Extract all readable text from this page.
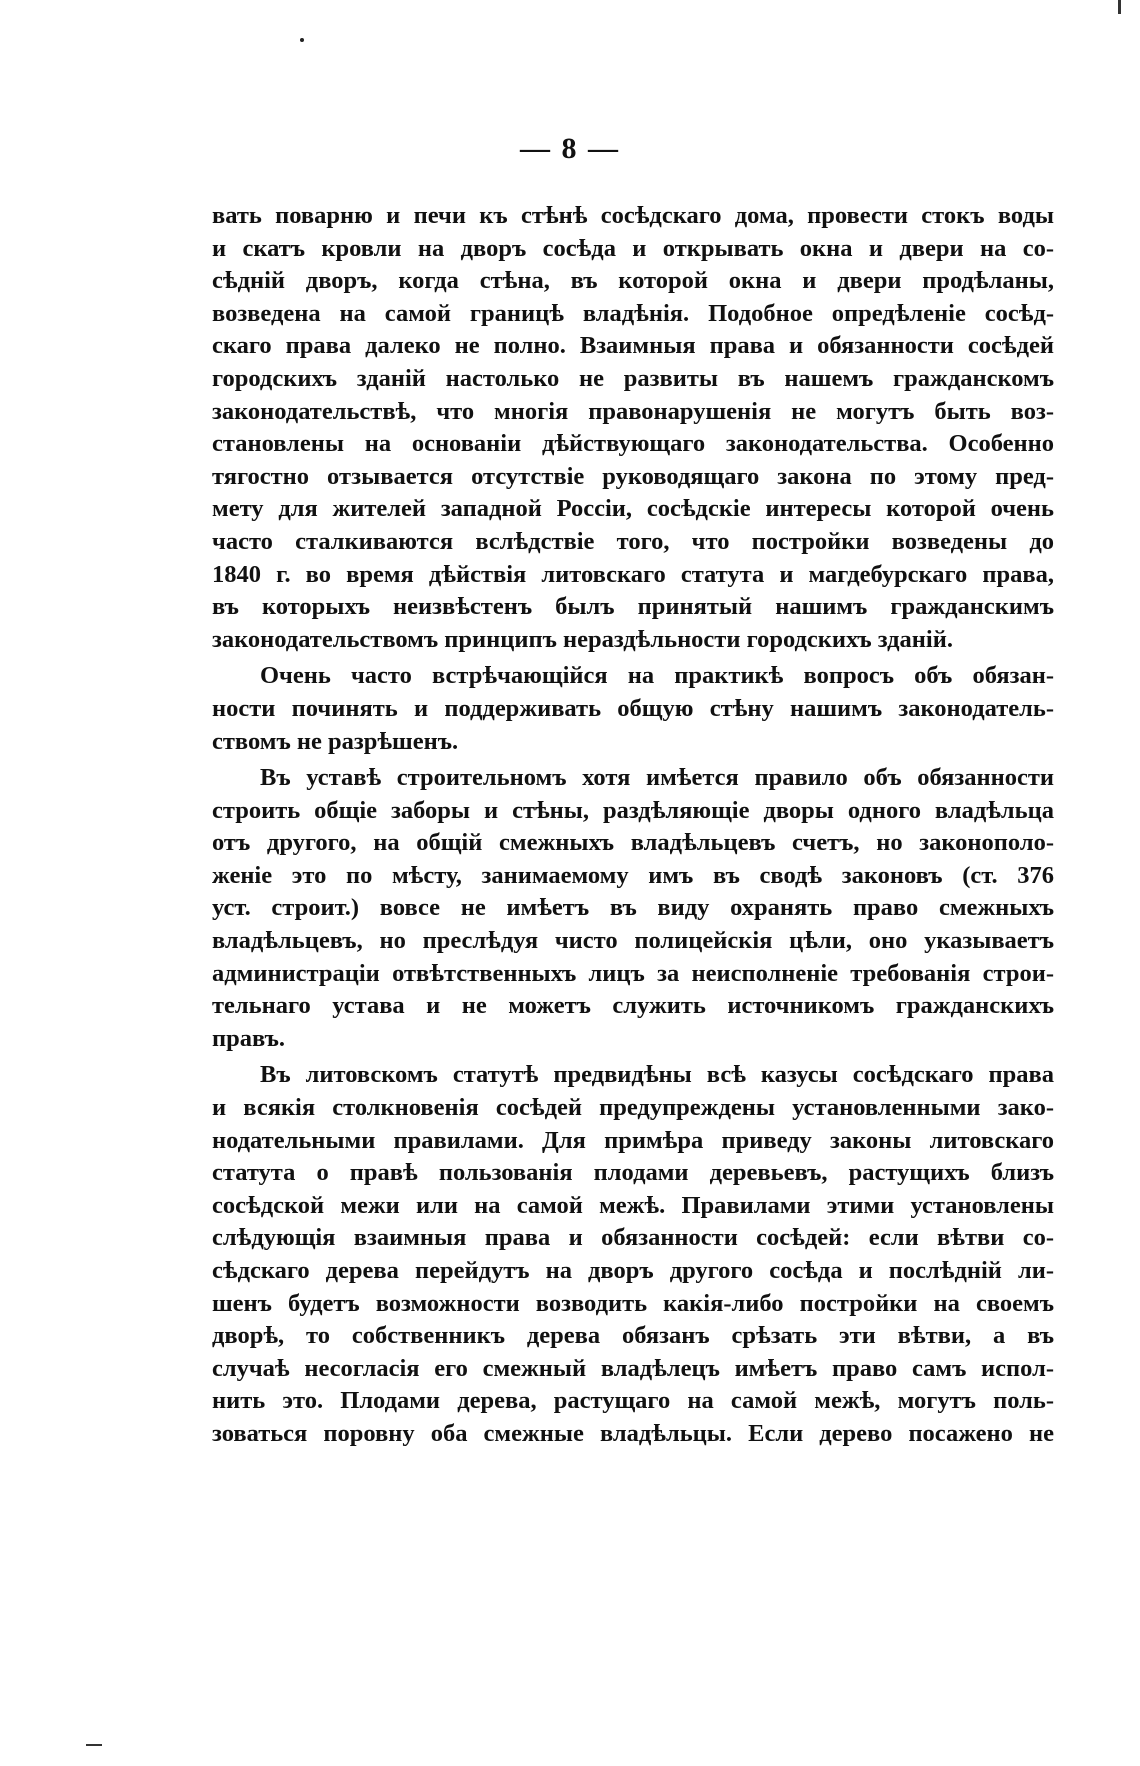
— 8 —

вать поварню и печи къ стѣнѣ сосѣдскаго дома, провести стокъ воды
и скатъ кровли на дворъ сосѣда и открывать окна и двери на со-
сѣдній дворъ, когда стѣна, въ которой окна и двери продѣланы,
возведена на самой границѣ владѣнія. Подобное опредѣленіе сосѣд-
скаго права далеко не полно. Взаимныя права и обязанности сосѣдей
городскихъ зданій настолько не развиты въ нашемъ гражданскомъ
законодательствѣ, что многія правонарушенія не могутъ быть воз-
становлены на основаніи дѣйствующаго законодательства. Особенно
тягостно отзывается отсутствіе руководящаго закона по этому пред-
мету для жителей западной Россіи, сосѣдскіе интересы которой очень
часто сталкиваются вслѣдствіе того, что постройки возведены до
1840 г. во время дѣйствія литовскаго статута и магдебурскаго права,
въ которыхъ неизвѣстенъ былъ принятый нашимъ гражданскимъ
законодательствомъ принципъ нераздѣльности городскихъ зданій.

Очень часто встрѣчающійся на практикѣ вопросъ объ обязан-
ности починять и поддерживать общую стѣну нашимъ законодатель-
ствомъ не разрѣшенъ.

Въ уставѣ строительномъ хотя имѣется правило объ обязанности
строить общіе заборы и стѣны, раздѣляющіе дворы одного владѣльца
отъ другого, на общій смежныхъ владѣльцевъ счетъ, но законополо-
женіе это по мѣсту, занимаемому имъ въ сводѣ законовъ (ст. 376
уст. строит.) вовсе не имѣетъ въ виду охранять право смежныхъ
владѣльцевъ, но преслѣдуя чисто полицейскія цѣли, оно указываетъ
администраціи отвѣтственныхъ лицъ за неисполненіе требованія строи-
тельнаго устава и не можетъ служить источникомъ гражданскихъ
правъ.

Въ литовскомъ статутѣ предвидѣны всѣ казусы сосѣдскаго права
и всякія столкновенія сосѣдей предупреждены установленными зако-
нодательными правилами. Для примѣра приведу законы литовскаго
статута о правѣ пользованія плодами деревьевъ, растущихъ близъ
сосѣдской межи или на самой межѣ. Правилами этими установлены
слѣдующія взаимныя права и обязанности сосѣдей: если вѣтви со-
сѣдскаго дерева перейдутъ на дворъ другого сосѣда и послѣдній ли-
шенъ будетъ возможности возводить какія-либо постройки на своемъ
дворѣ, то собственникъ дерева обязанъ срѣзать эти вѣтви, а въ
случаѣ несогласія его смежный владѣлецъ имѣетъ право самъ испол-
нить это. Плодами дерева, растущаго на самой межѣ, могутъ поль-
зоваться поровну оба смежные владѣльцы. Если дерево посажено не
